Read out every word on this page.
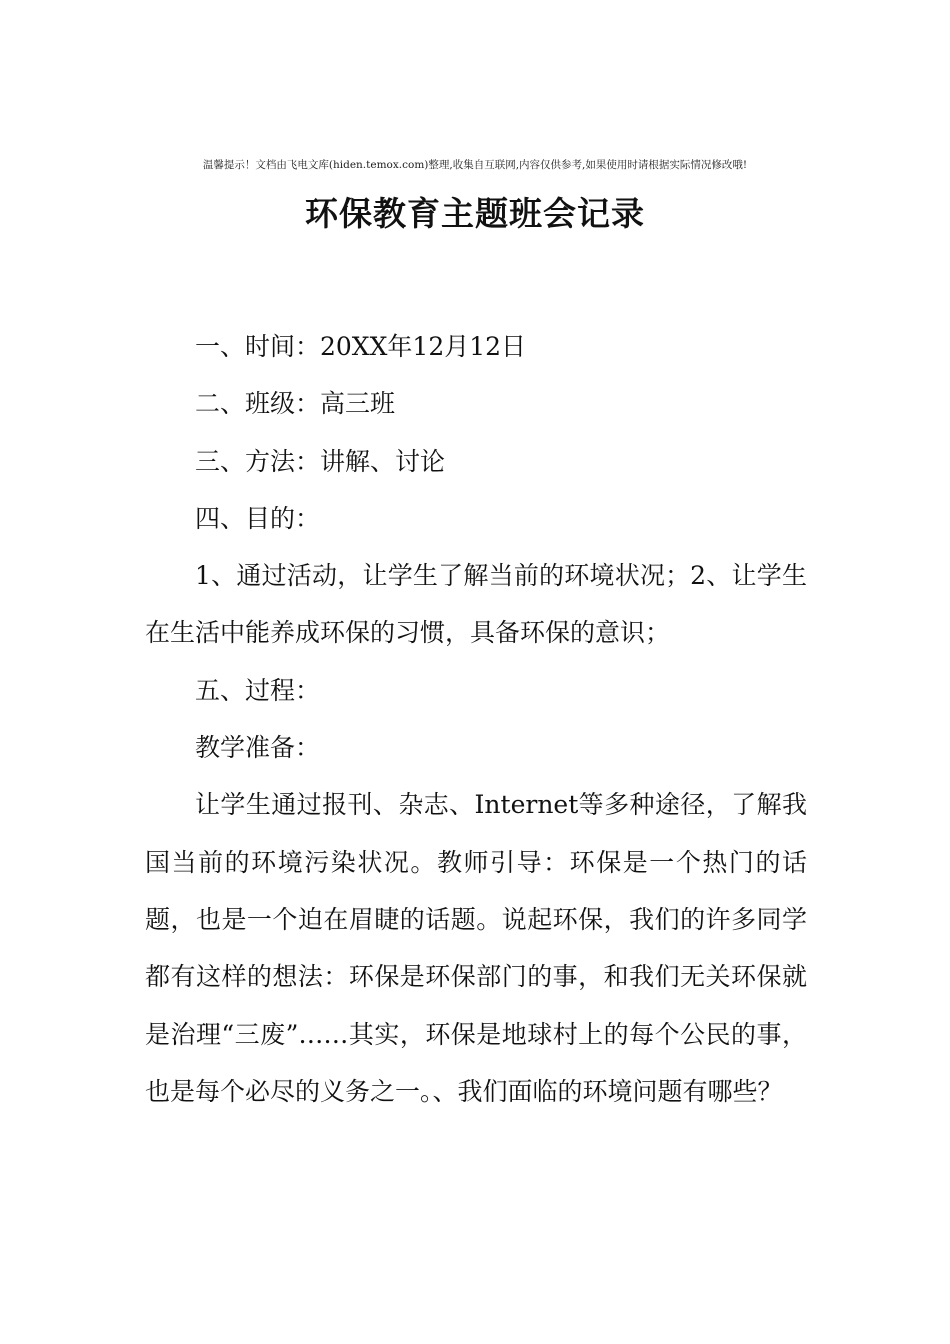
温馨提示！文档由飞电文库(hiden.temox.com)整理,收集自互联网,内容仅供参考,如果使用时请根据实际情况修改哦!
环保教育主题班会记录

一、时间：20XX年12月12日

二、班级：高三班

三、方法：讲解、讨论

四、目的：

1、通过活动，让学生了解当前的环境状况；2、让学生在生活中能养成环保的习惯，具备环保的意识；

五、过程：

教学准备：

让学生通过报刊、杂志、Internet等多种途径，了解我国当前的环境污染状况。教师引导：环保是一个热门的话题，也是一个迫在眉睫的话题。说起环保，我们的许多同学都有这样的想法：环保是环保部门的事，和我们无关环保就是治理“三废”……其实，环保是地球村上的每个公民的事，也是每个必尽的义务之一。、我们面临的环境问题有哪些？
